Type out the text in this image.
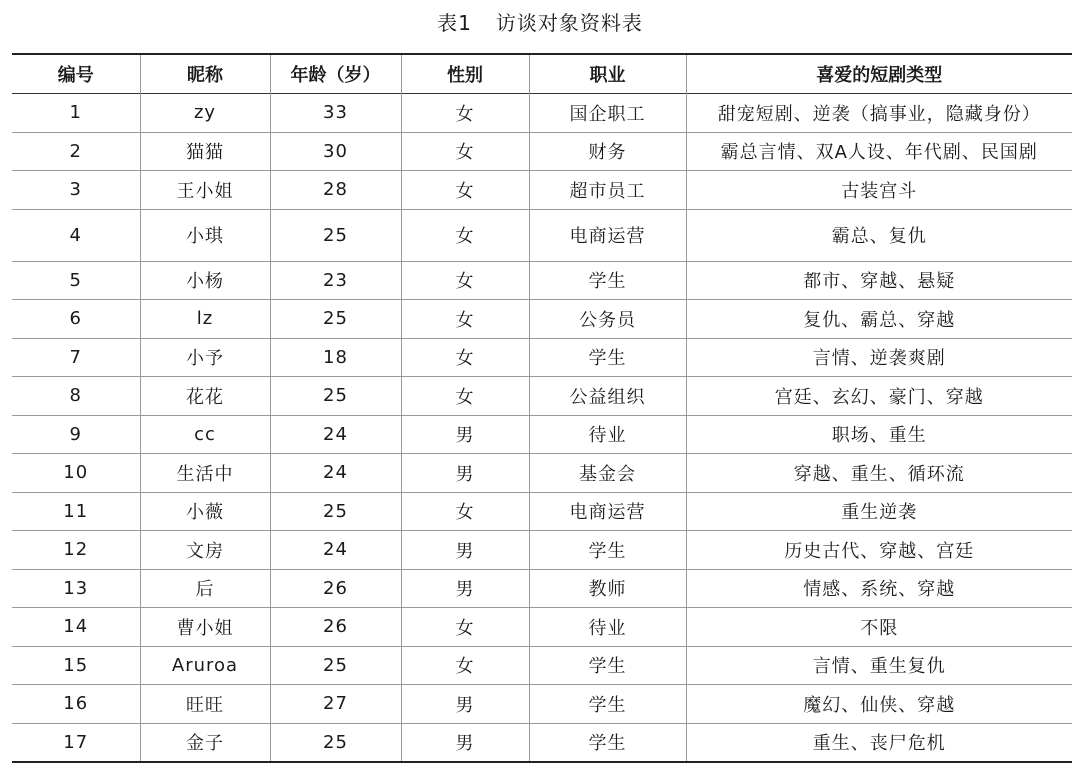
表1 访谈对象资料表
编号	昵称	年龄（岁）	性别	职业	喜爱的短剧类型
1	zy	33	女	国企职工	甜宠短剧、逆袭（搞事业，隐藏身份）
2	猫猫	30	女	财务	霸总言情、双A人设、年代剧、民国剧
3	王小姐	28	女	超市员工	古装宫斗
4	小琪	25	女	电商运营	霸总、复仇
5	小杨	23	女	学生	都市、穿越、悬疑
6	lz	25	女	公务员	复仇、霸总、穿越
7	小予	18	女	学生	言情、逆袭爽剧
8	花花	25	女	公益组织	宫廷、玄幻、豪门、穿越
9	cc	24	男	待业	职场、重生
10	生活中	24	男	基金会	穿越、重生、循环流
11	小薇	25	女	电商运营	重生逆袭
12	文房	24	男	学生	历史古代、穿越、宫廷
13	后	26	男	教师	情感、系统、穿越
14	曹小姐	26	女	待业	不限
15	Aruroa	25	女	学生	言情、重生复仇
16	旺旺	27	男	学生	魔幻、仙侠、穿越
17	金子	25	男	学生	重生、丧尸危机
